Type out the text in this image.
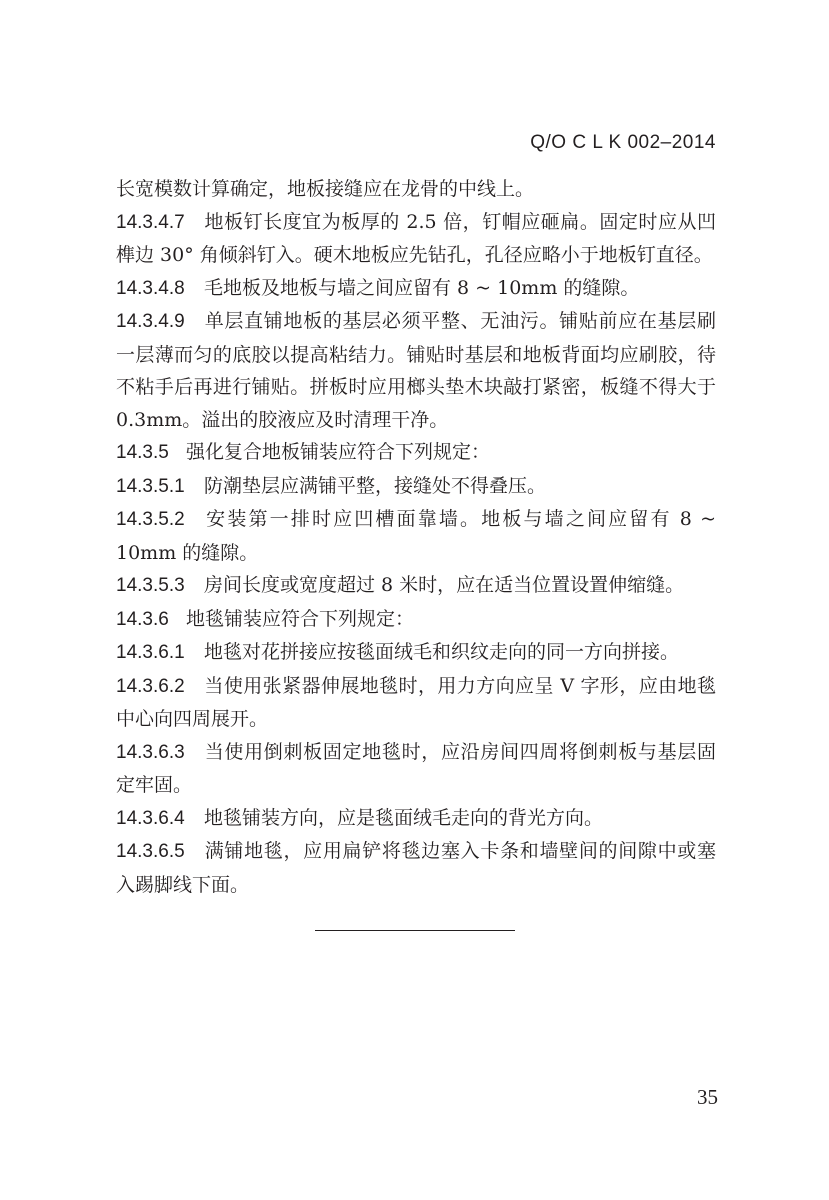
Q/O C L K 002–2014

长宽模数计算确定，地板接缝应在龙骨的中线上。

14.3.4.7 地板钉长度宜为板厚的 2.5 倍，钉帽应砸扁。固定时应从凹榫边 30° 角倾斜钉入。硬木地板应先钻孔，孔径应略小于地板钉直径。

14.3.4.8 毛地板及地板与墙之间应留有 8 ~ 10mm 的缝隙。

14.3.4.9 单层直铺地板的基层必须平整、无油污。铺贴前应在基层刷一层薄而匀的底胶以提高粘结力。铺贴时基层和地板背面均应刷胶，待不粘手后再进行铺贴。拼板时应用榔头垫木块敲打紧密，板缝不得大于 0.3mm。溢出的胶液应及时清理干净。

14.3.5 强化复合地板铺装应符合下列规定：

14.3.5.1 防潮垫层应满铺平整，接缝处不得叠压。

14.3.5.2 安装第一排时应凹槽面靠墙。地板与墙之间应留有 8 ~ 10mm 的缝隙。

14.3.5.3 房间长度或宽度超过 8 米时，应在适当位置设置伸缩缝。

14.3.6 地毯铺装应符合下列规定：

14.3.6.1 地毯对花拼接应按毯面绒毛和织纹走向的同一方向拼接。

14.3.6.2 当使用张紧器伸展地毯时，用力方向应呈 V 字形，应由地毯中心向四周展开。

14.3.6.3 当使用倒刺板固定地毯时，应沿房间四周将倒刺板与基层固定牢固。

14.3.6.4 地毯铺装方向，应是毯面绒毛走向的背光方向。

14.3.6.5 满铺地毯，应用扁铲将毯边塞入卡条和墙壁间的间隙中或塞入踢脚线下面。

35
